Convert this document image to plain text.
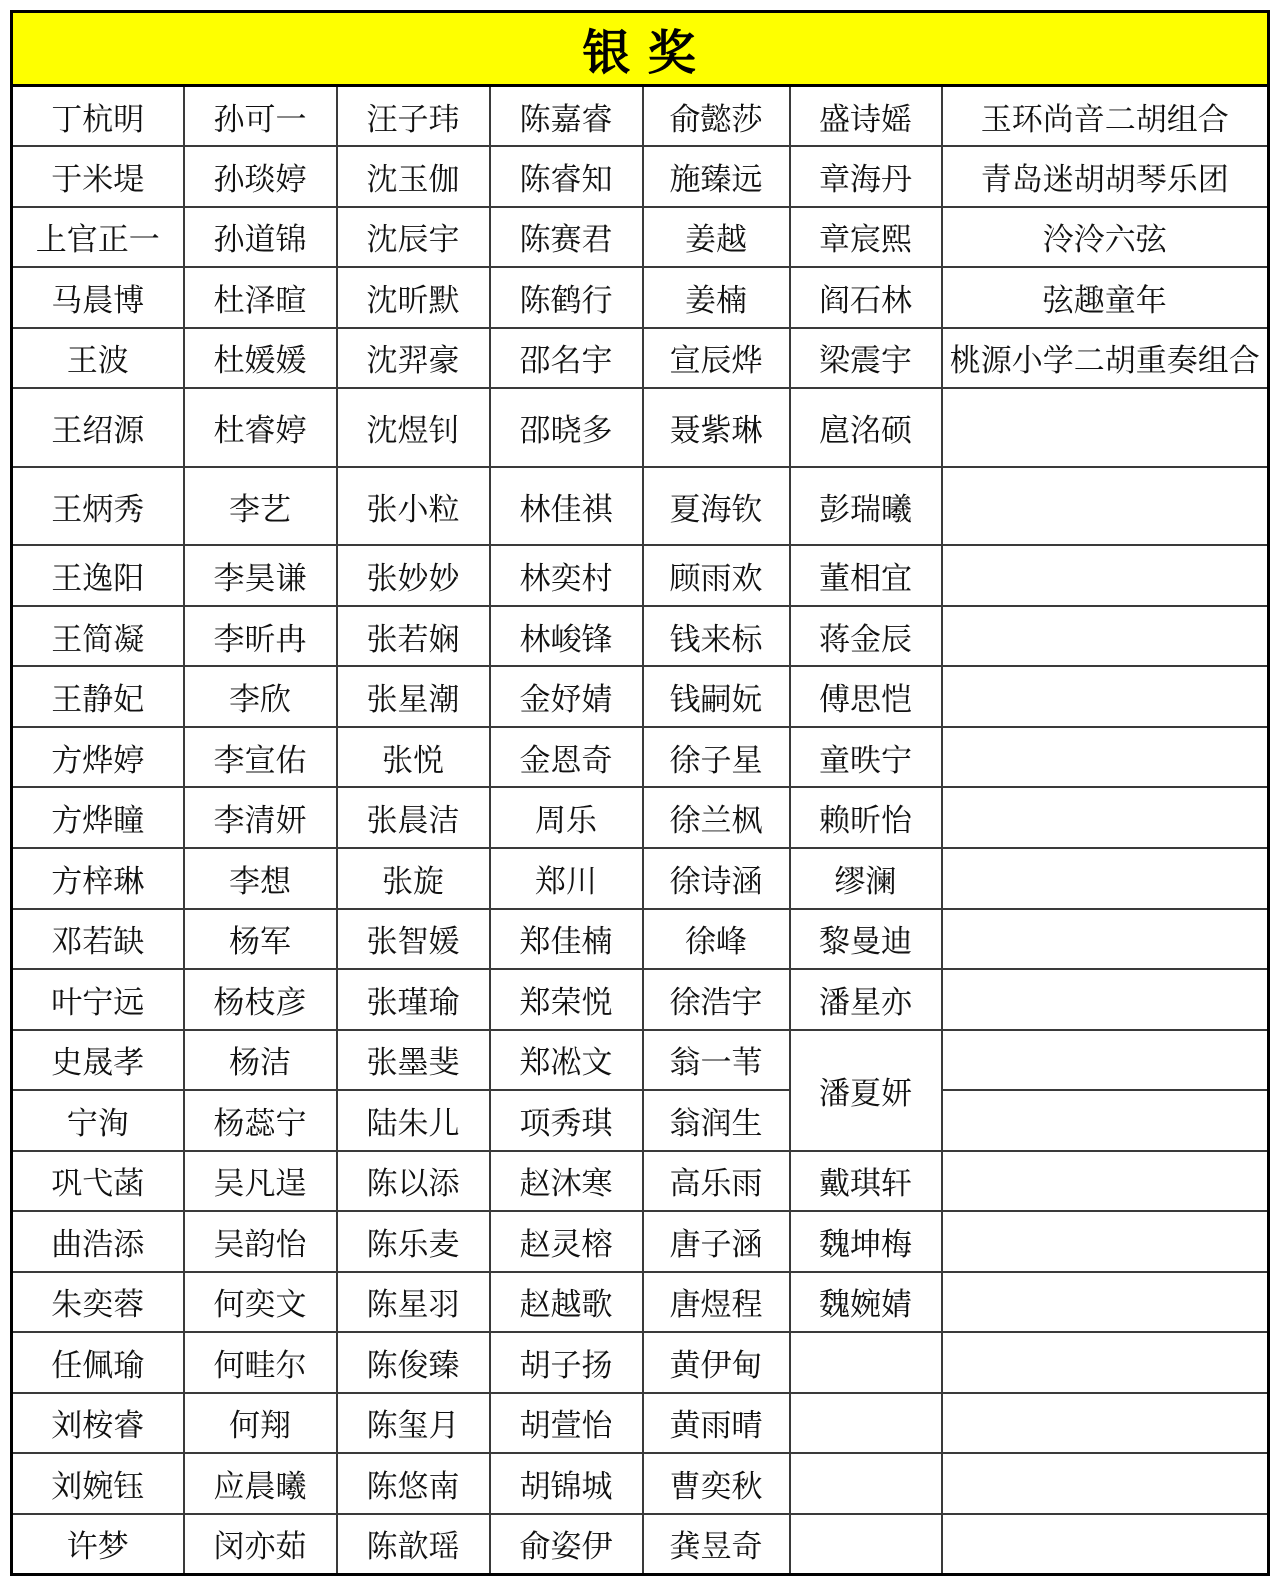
银 奖						
丁杭明	孙可一	汪子玮	陈嘉睿	俞懿莎	盛诗媱	玉环尚音二胡组合
于米堤	孙琰婷	沈玉伽	陈睿知	施臻远	章海丹	青岛迷胡胡琴乐团
上官正一	孙道锦	沈辰宇	陈赛君	姜越	章宸熙	泠泠六弦
马晨博	杜泽暄	沈昕默	陈鹤行	姜楠	阎石林	弦趣童年
王波	杜媛媛	沈羿豪	邵名宇	宣辰烨	梁震宇	桃源小学二胡重奏组合
王绍源	杜睿婷	沈煜钊	邵晓多	聂紫琳	扈洺硕	
王炳秀	李艺	张小粒	林佳祺	夏海钦	彭瑞曦	
王逸阳	李昊谦	张妙妙	林奕村	顾雨欢	董相宜	
王简凝	李昕冉	张若娴	林峻锋	钱来标	蒋金辰	
王静妃	李欣	张星潮	金妤婧	钱嗣妧	傅思恺	
方烨婷	李宣佑	张悦	金恩奇	徐子星	童昳宁	
方烨瞳	李清妍	张晨洁	周乐	徐兰枫	赖昕怡	
方梓琳	李想	张旋	郑川	徐诗涵	缪澜	
邓若缺	杨军	张智媛	郑佳楠	徐峰	黎曼迪	
叶宁远	杨枝彦	张瑾瑜	郑荣悦	徐浩宇	潘星亦	
史晟孝	杨洁	张墨斐	郑凇文	翁一苇	潘夏妍	
宁洵	杨蕊宁	陆朱儿	项秀琪	翁润生		
巩弋菡	吴凡逞	陈以添	赵沐寒	高乐雨	戴琪轩	
曲浩添	吴韵怡	陈乐麦	赵灵榕	唐子涵	魏坤梅	
朱奕蓉	何奕文	陈星羽	赵越歌	唐煜程	魏婉婧	
任佩瑜	何畦尔	陈俊臻	胡子扬	黄伊甸		
刘桉睿	何翔	陈玺月	胡萱怡	黄雨晴		
刘婉钰	应晨曦	陈悠南	胡锦城	曹奕秋		
许梦	闵亦茹	陈歆瑶	俞姿伊	龚昱奇		
